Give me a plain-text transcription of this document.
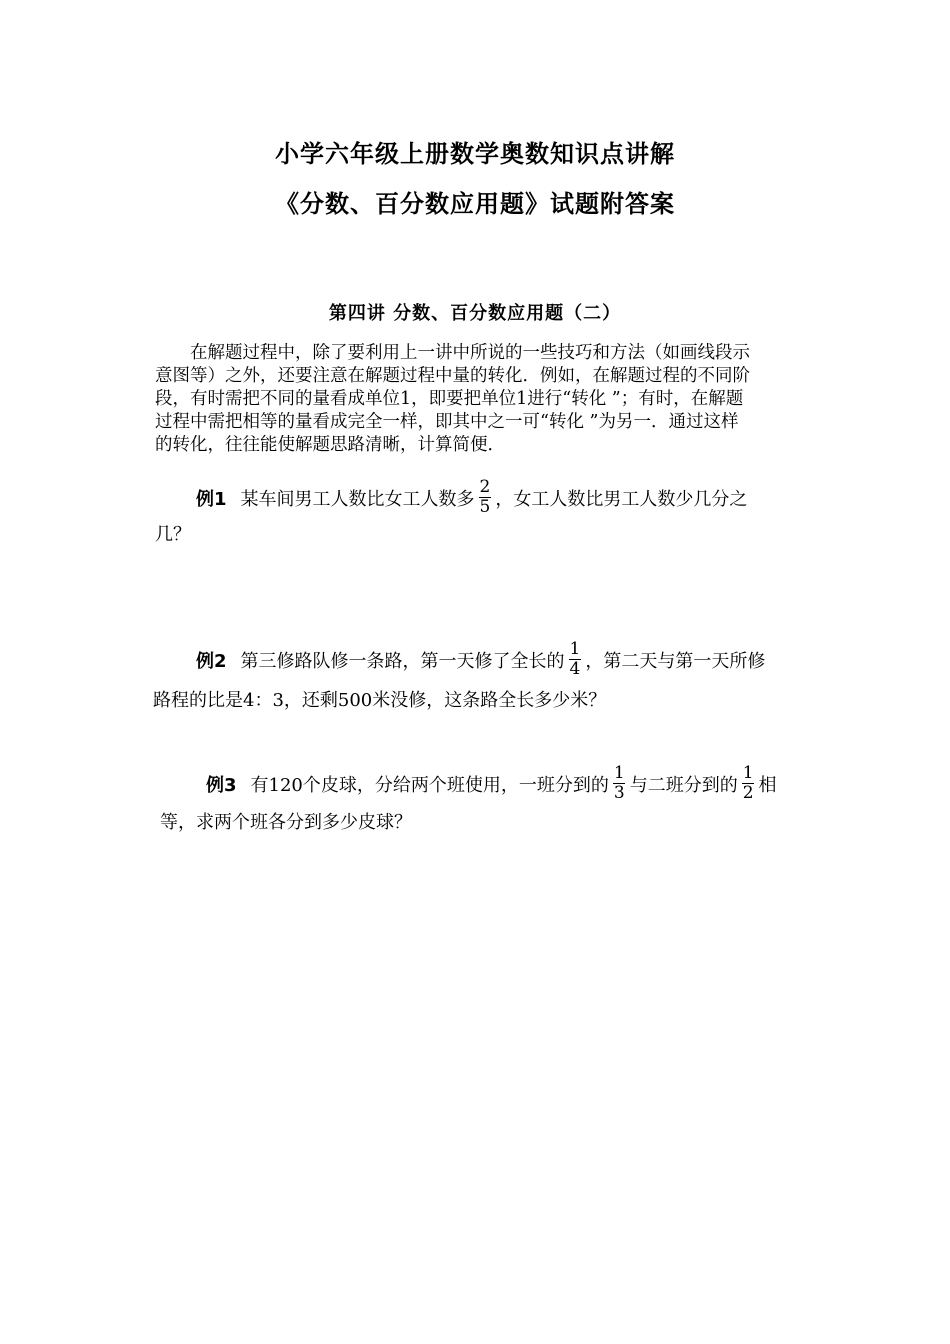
小学六年级上册数学奥数知识点讲解
《分数、百分数应用题》试题附答案
第四讲 分数、百分数应用题（二）
　　在解题过程中，除了要利用上一讲中所说的一些技巧和方法（如画线段示
意图等）之外，还要注意在解题过程中量的转化．例如，在解题过程的不同阶
段，有时需把不同的量看成单位1，即要把单位1进行“转化 ”；有时，在解题
过程中需把相等的量看成完全一样，即其中之一可“转化 ”为另一．通过这样
的转化，往往能使解题思路清晰，计算简便．
例1 某车间男工人数比女工人数多 $\frac{2}{5}$ ，女工人数比男工人数少几分之
几？
例2 第三修路队修一条路，第一天修了全长的 $\frac{1}{4}$ ，第二天与第一天所修
路程的比是4：3，还剩500米没修，这条路全长多少米？
例3 有120个皮球，分给两个班使用，一班分到的 $\frac{1}{3}$ 与二班分到的 $\frac{1}{2}$ 相
等，求两个班各分到多少皮球？
